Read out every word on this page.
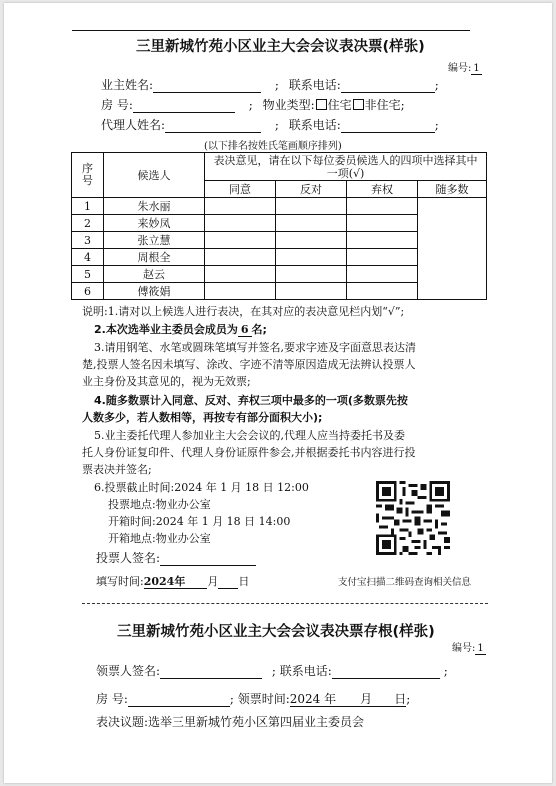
三里新城竹苑小区业主大会会议表决票(样张)
编号: 1
业主姓名:	; 联系电话:	;
房 号:	; 物业类型: 住宅 非住宅;
代理人姓名:	; 联系电话:	;
(以下排名按姓氏笔画顺序排列)
序号	候选人	表决意见，请在以下每位委员候选人的四项中选择其中一项(√)			
		同意	反对	弃权	随多数
1	朱水丽				
2	来妙凤				
3	张立慧				
4	周根全				
5	赵云				
6	傅筱娟				
说明:1.请对以上候选人进行表决，在其对应的表决意见栏内划“√”;
2.本次选举业主委员会成员为 6 名;
3.请用钢笔、水笔或圆珠笔填写并签名,要求字迹及字面意思表达清
楚,投票人签名因未填写、涂改、字迹不清等原因造成无法辨认投票人
业主身份及其意见的，视为无效票;
4.随多数票计入同意、反对、弃权三项中最多的一项(多数票先按
人数多少，若人数相等，再按专有部分面积大小);
5.业主委托代理人参加业主大会会议的,代理人应当持委托书及委
托人身份证复印件、代理人身份证原件参会,并根据委托书内容进行投
票表决并签名;
6.投票截止时间:2024 年 1 月 18 日 12:00
投票地点:物业办公室
开箱时间:2024 年 1 月 18 日 14:00
开箱地点:物业办公室
投票人签名:
填写时间:2024年 月 日	支付宝扫描二维码查询相关信息
三里新城竹苑小区业主大会会议表决票存根(样张)
编号: 1
领票人签名:	; 联系电话:	;
房 号:	; 领票时间:2024 年 月 日;
表决议题:选举三里新城竹苑小区第四届业主委员会
